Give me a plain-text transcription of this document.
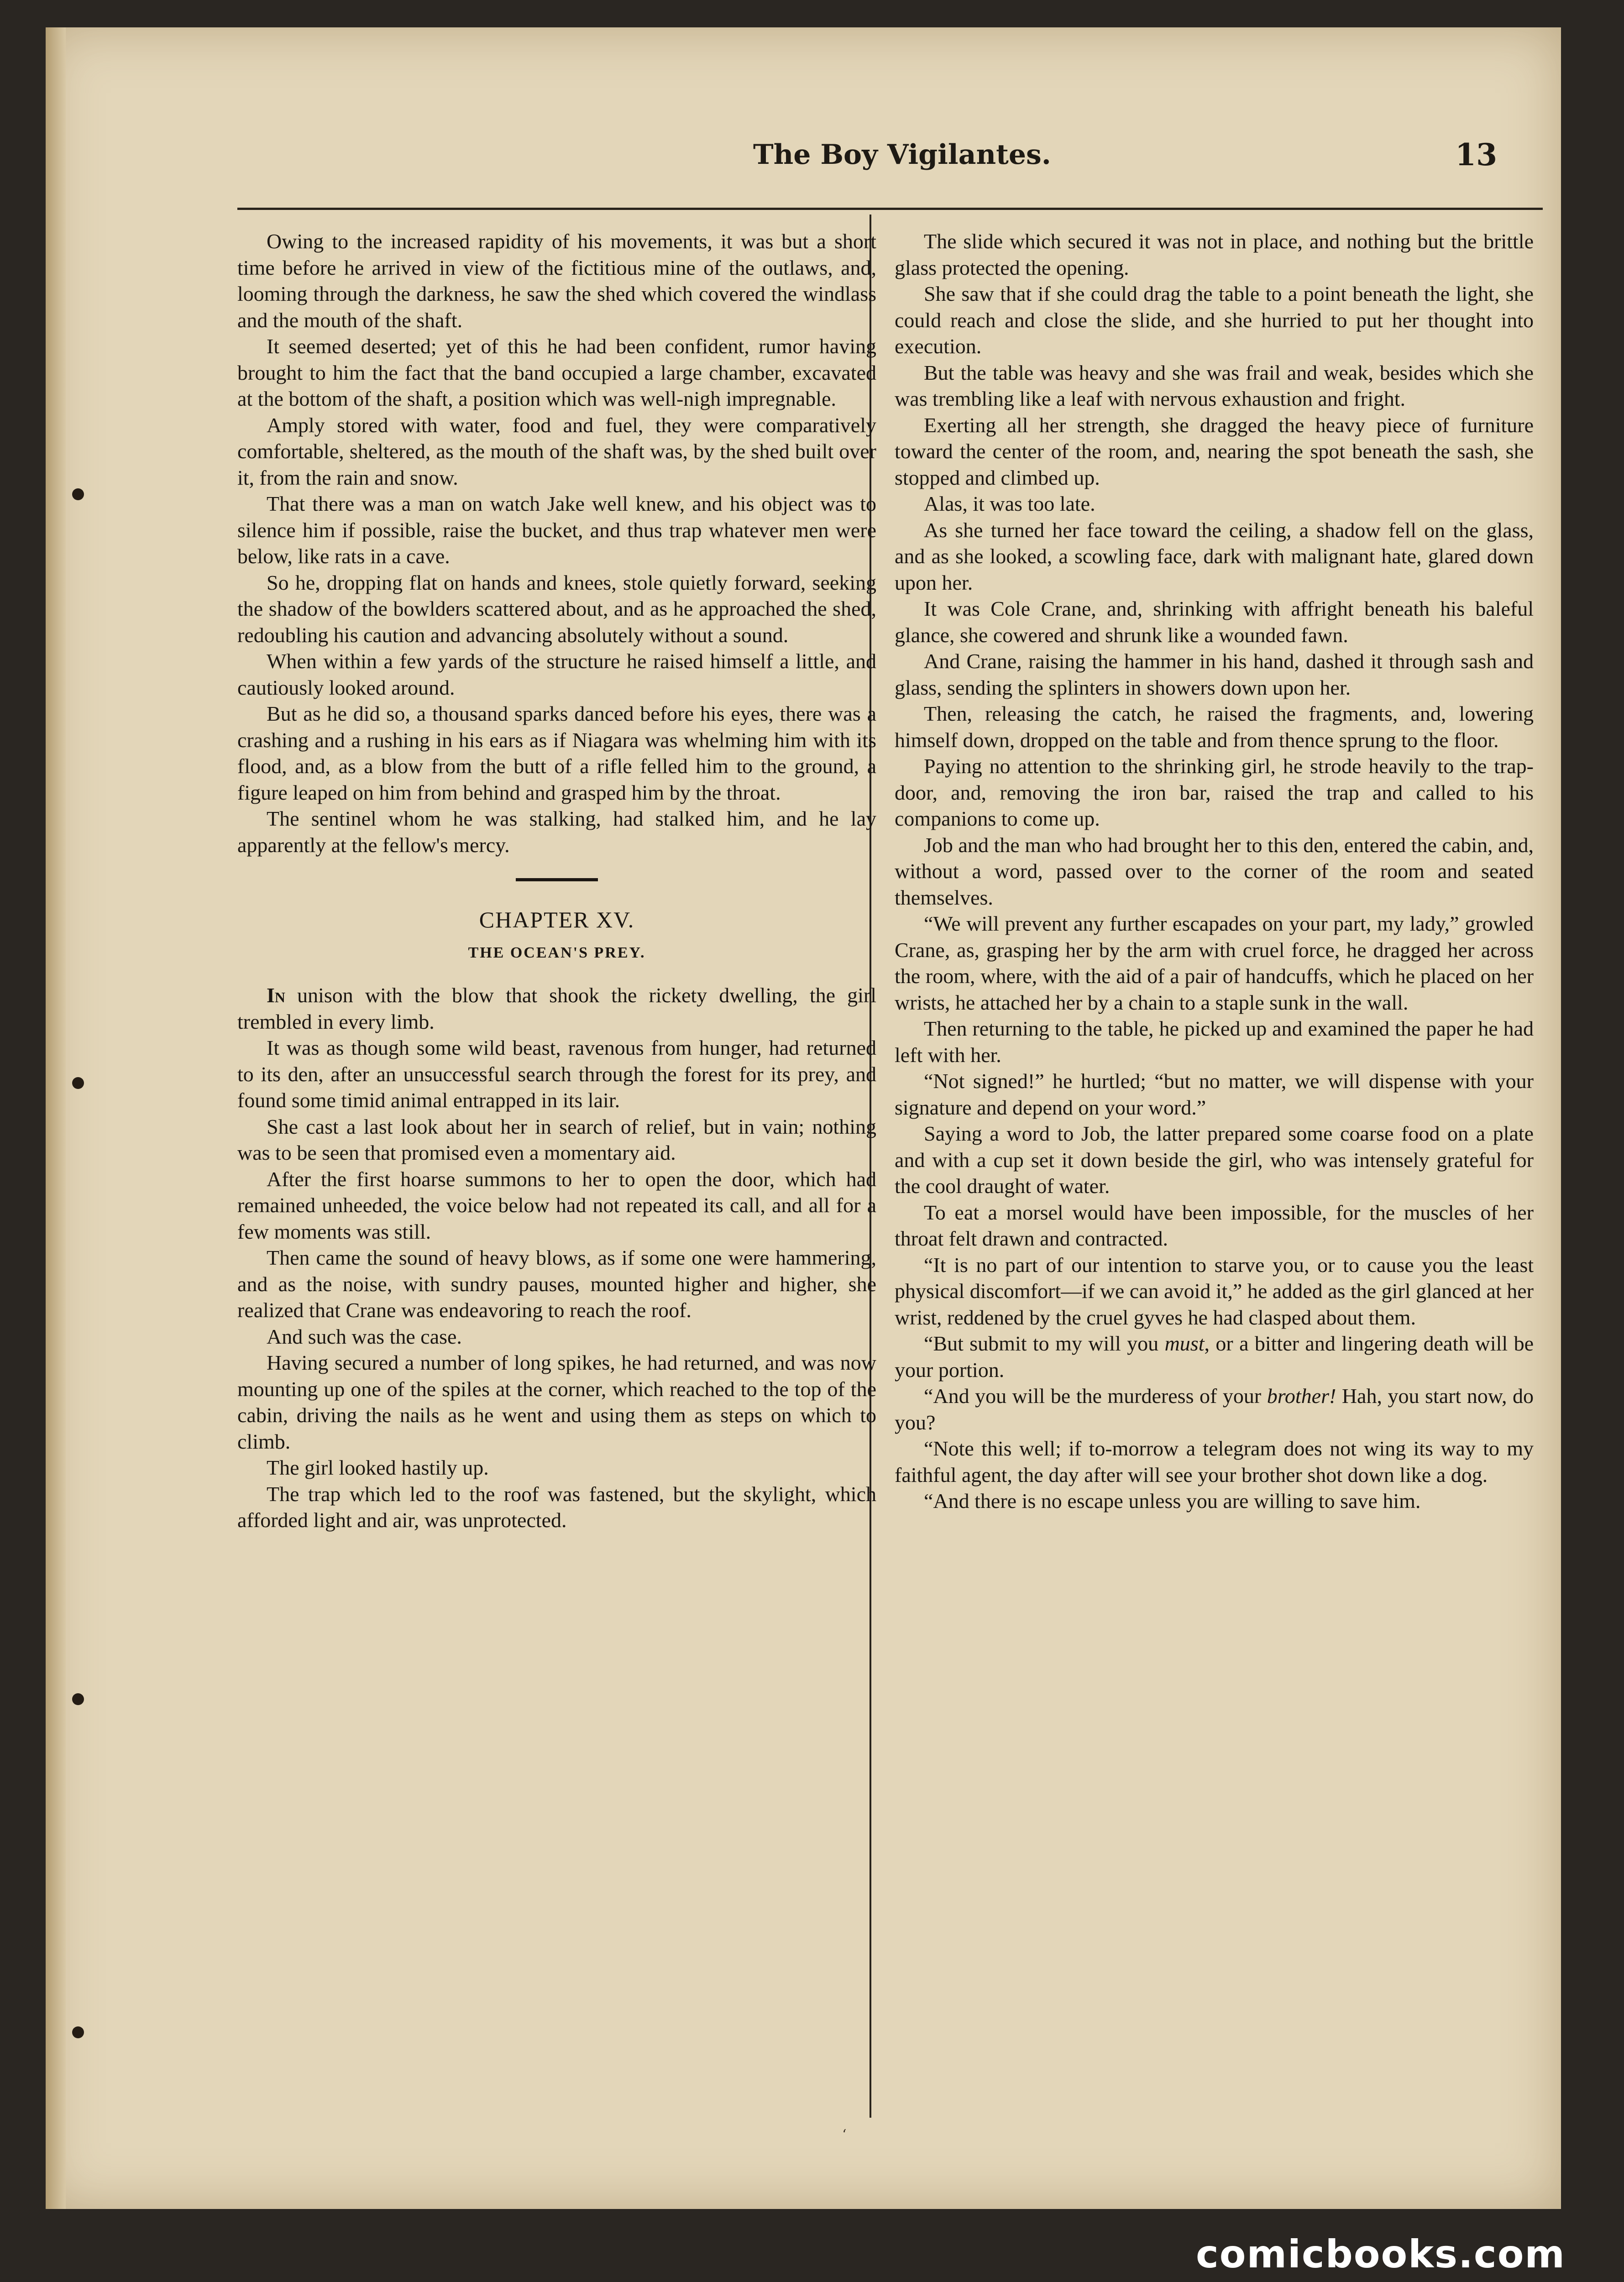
The Boy Vigilantes.	13

Owing to the increased rapidity of his movements, it was but a short time before he arrived in view of the fictitious mine of the outlaws, and, looming through the darkness, he saw the shed which covered the windlass and the mouth of the shaft.

It seemed deserted; yet of this he had been confident, rumor having brought to him the fact that the band occupied a large chamber, excavated at the bottom of the shaft, a position which was well-nigh impregnable.

Amply stored with water, food and fuel, they were comparatively comfortable, sheltered, as the mouth of the shaft was, by the shed built over it, from the rain and snow.

That there was a man on watch Jake well knew, and his object was to silence him if possible, raise the bucket, and thus trap whatever men were below, like rats in a cave.

So he, dropping flat on hands and knees, stole quietly forward, seeking the shadow of the bowlders scattered about, and as he approached the shed, redoubling his caution and advancing absolutely without a sound.

When within a few yards of the structure he raised himself a little, and cautiously looked around.

But as he did so, a thousand sparks danced before his eyes, there was a crashing and a rushing in his ears as if Niagara was whelming him with its flood, and, as a blow from the butt of a rifle felled him to the ground, a figure leaped on him from behind and grasped him by the throat.

The sentinel whom he was stalking, had stalked him, and he lay apparently at the fellow's mercy.

CHAPTER XV.
THE OCEAN'S PREY.

In unison with the blow that shook the rickety dwelling, the girl trembled in every limb.

It was as though some wild beast, ravenous from hunger, had returned to its den, after an unsuccessful search through the forest for its prey, and found some timid animal entrapped in its lair.

She cast a last look about her in search of relief, but in vain; nothing was to be seen that promised even a momentary aid.

After the first hoarse summons to her to open the door, which had remained unheeded, the voice below had not repeated its call, and all for a few moments was still.

Then came the sound of heavy blows, as if some one were hammering, and as the noise, with sundry pauses, mounted higher and higher, she realized that Crane was endeavoring to reach the roof.

And such was the case.

Having secured a number of long spikes, he had returned, and was now mounting up one of the spiles at the corner, which reached to the top of the cabin, driving the nails as he went and using them as steps on which to climb.

The girl looked hastily up.

The trap which led to the roof was fastened, but the skylight, which afforded light and air, was unprotected.

The slide which secured it was not in place, and nothing but the brittle glass protected the opening.

She saw that if she could drag the table to a point beneath the light, she could reach and close the slide, and she hurried to put her thought into execution.

But the table was heavy and she was frail and weak, besides which she was trembling like a leaf with nervous exhaustion and fright.

Exerting all her strength, she dragged the heavy piece of furniture toward the center of the room, and, nearing the spot beneath the sash, she stopped and climbed up.

Alas, it was too late.

As she turned her face toward the ceiling, a shadow fell on the glass, and as she looked, a scowling face, dark with malignant hate, glared down upon her.

It was Cole Crane, and, shrinking with affright beneath his baleful glance, she cowered and shrunk like a wounded fawn.

And Crane, raising the hammer in his hand, dashed it through sash and glass, sending the splinters in showers down upon her.

Then, releasing the catch, he raised the fragments, and, lowering himself down, dropped on the table and from thence sprung to the floor.

Paying no attention to the shrinking girl, he strode heavily to the trap-door, and, removing the iron bar, raised the trap and called to his companions to come up.

Job and the man who had brought her to this den, entered the cabin, and, without a word, passed over to the corner of the room and seated themselves.

“We will prevent any further escapades on your part, my lady,” growled Crane, as, grasping her by the arm with cruel force, he dragged her across the room, where, with the aid of a pair of handcuffs, which he placed on her wrists, he attached her by a chain to a staple sunk in the wall.

Then returning to the table, he picked up and examined the paper he had left with her.

“Not signed!” he hurtled; “but no matter, we will dispense with your signature and depend on your word.”

Saying a word to Job, the latter prepared some coarse food on a plate and with a cup set it down beside the girl, who was intensely grateful for the cool draught of water.

To eat a morsel would have been impossible, for the muscles of her throat felt drawn and contracted.

“It is no part of our intention to starve you, or to cause you the least physical discomfort—if we can avoid it,” he added as the girl glanced at her wrist, reddened by the cruel gyves he had clasped about them.

“But submit to my will you must, or a bitter and lingering death will be your portion.

“And you will be the murderess of your brother! Hah, you start now, do you?

“Note this well; if to-morrow a telegram does not wing its way to my faithful agent, the day after will see your brother shot down like a dog.

“And there is no escape unless you are willing to save him.

‘
comicbooks.com
